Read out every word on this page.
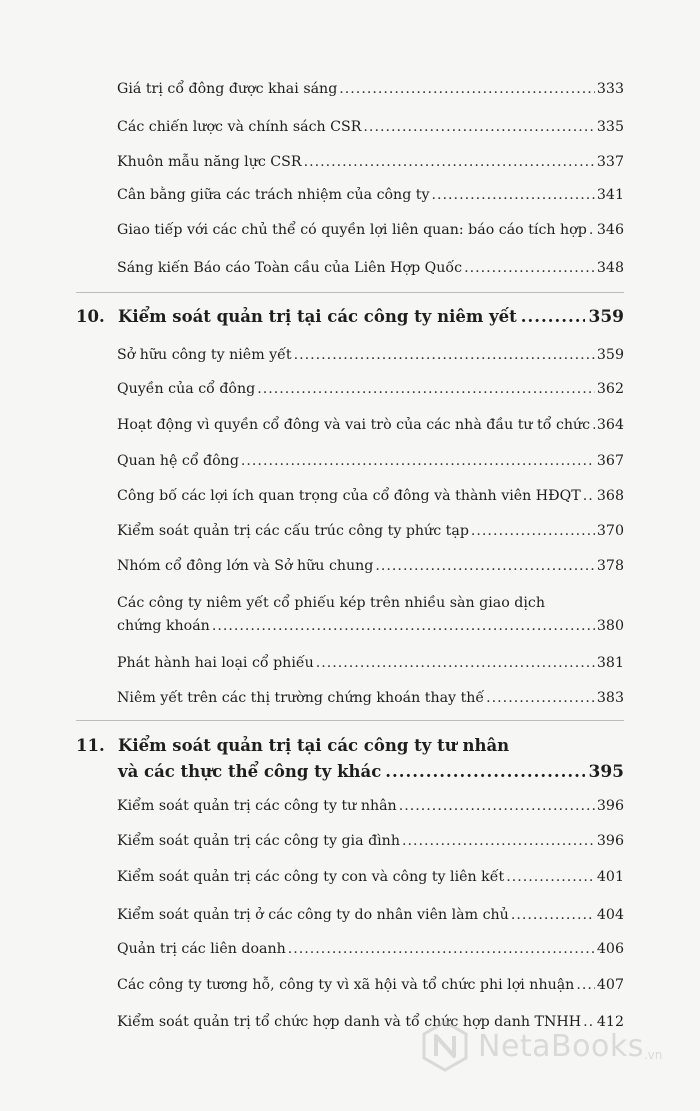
Giá trị cổ đông được khai sáng .....	333
Các chiến lược và chính sách CSR .....	335
Khuôn mẫu năng lực CSR .....	337
Cân bằng giữa các trách nhiệm của công ty .....	341
Giao tiếp với các chủ thể có quyền lợi liên quan: báo cáo tích hợp ..... 346
Sáng kiến Báo cáo Toàn cầu của Liên Hợp Quốc .....	348
10. Kiểm soát quản trị tại các công ty niêm yết .....	359
Sở hữu công ty niêm yết .....	359
Quyền của cổ đông .....	362
Hoạt động vì quyền cổ đông và vai trò của các nhà đầu tư tổ chức ..... 364
Quan hệ cổ đông .....	367
Công bố các lợi ích quan trọng của cổ đông và thành viên HĐQT ..... 368
Kiểm soát quản trị các cấu trúc công ty phức tạp .....	370
Nhóm cổ đông lớn và Sở hữu chung .....	378
Các công ty niêm yết cổ phiếu kép trên nhiều sàn giao dịch
chứng khoán .....	380
Phát hành hai loại cổ phiếu .....	381
Niêm yết trên các thị trường chứng khoán thay thế .....	383
11. Kiểm soát quản trị tại các công ty tư nhân
và các thực thể công ty khác .....	395
Kiểm soát quản trị các công ty tư nhân .....	396
Kiểm soát quản trị các công ty gia đình .....	396
Kiểm soát quản trị các công ty con và công ty liên kết .....	401
Kiểm soát quản trị ở các công ty do nhân viên làm chủ .....	404
Quản trị các liên doanh .....	406
Các công ty tương hỗ, công ty vì xã hội và tổ chức phi lợi nhuận ..... 407
Kiểm soát quản trị tổ chức hợp danh và tổ chức hợp danh TNHH ..... 412
NetaBooks .vn
